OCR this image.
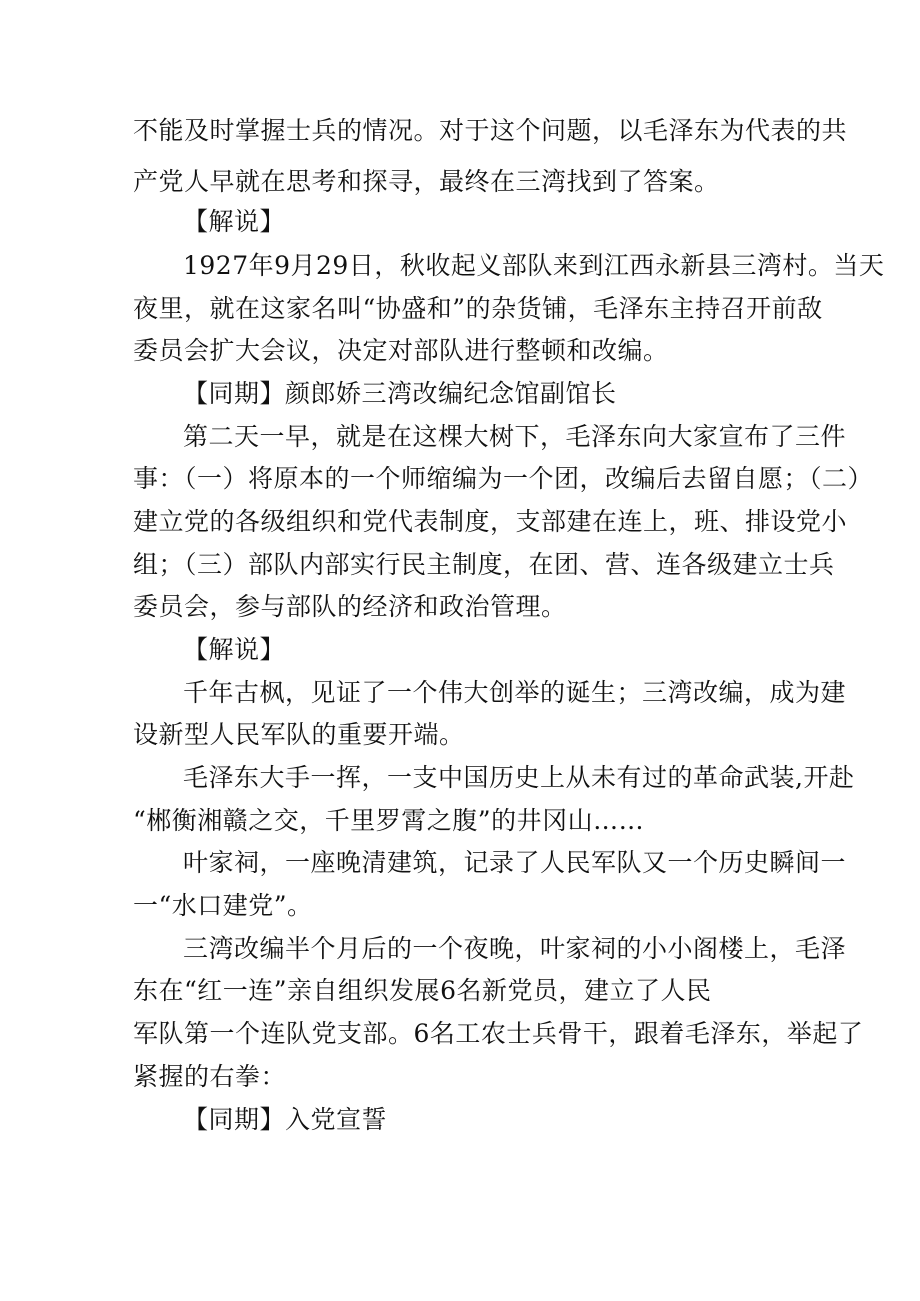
不能及时掌握士兵的情况。对于这个问题，以毛泽东为代表的共
产党人早就在思考和探寻，最终在三湾找到了答案。
【解说】
1927年9月29日，秋收起义部队来到江西永新县三湾村。当天
夜里，就在这家名叫“协盛和”的杂货铺，毛泽东主持召开前敌
委员会扩大会议，决定对部队进行整顿和改编。
【同期】颜郎娇三湾改编纪念馆副馆长
第二天一早，就是在这棵大树下，毛泽东向大家宣布了三件
事：（一）将原本的一个师缩编为一个团，改编后去留自愿；（二）
建立党的各级组织和党代表制度，支部建在连上，班、排设党小
组；（三）部队内部实行民主制度，在团、营、连各级建立士兵
委员会，参与部队的经济和政治管理。
【解说】
千年古枫，见证了一个伟大创举的诞生；三湾改编，成为建
设新型人民军队的重要开端。
毛泽东大手一挥，一支中国历史上从未有过的革命武装,开赴
“郴衡湘赣之交，千里罗霄之腹”的井冈山……
叶家祠，一座晚清建筑，记录了人民军队又一个历史瞬间一
一“水口建党”。
三湾改编半个月后的一个夜晚，叶家祠的小小阁楼上，毛泽
东在“红一连”亲自组织发展6名新党员，建立了人民
军队第一个连队党支部。6名工农士兵骨干，跟着毛泽东，举起了
紧握的右拳：
【同期】入党宣誓
